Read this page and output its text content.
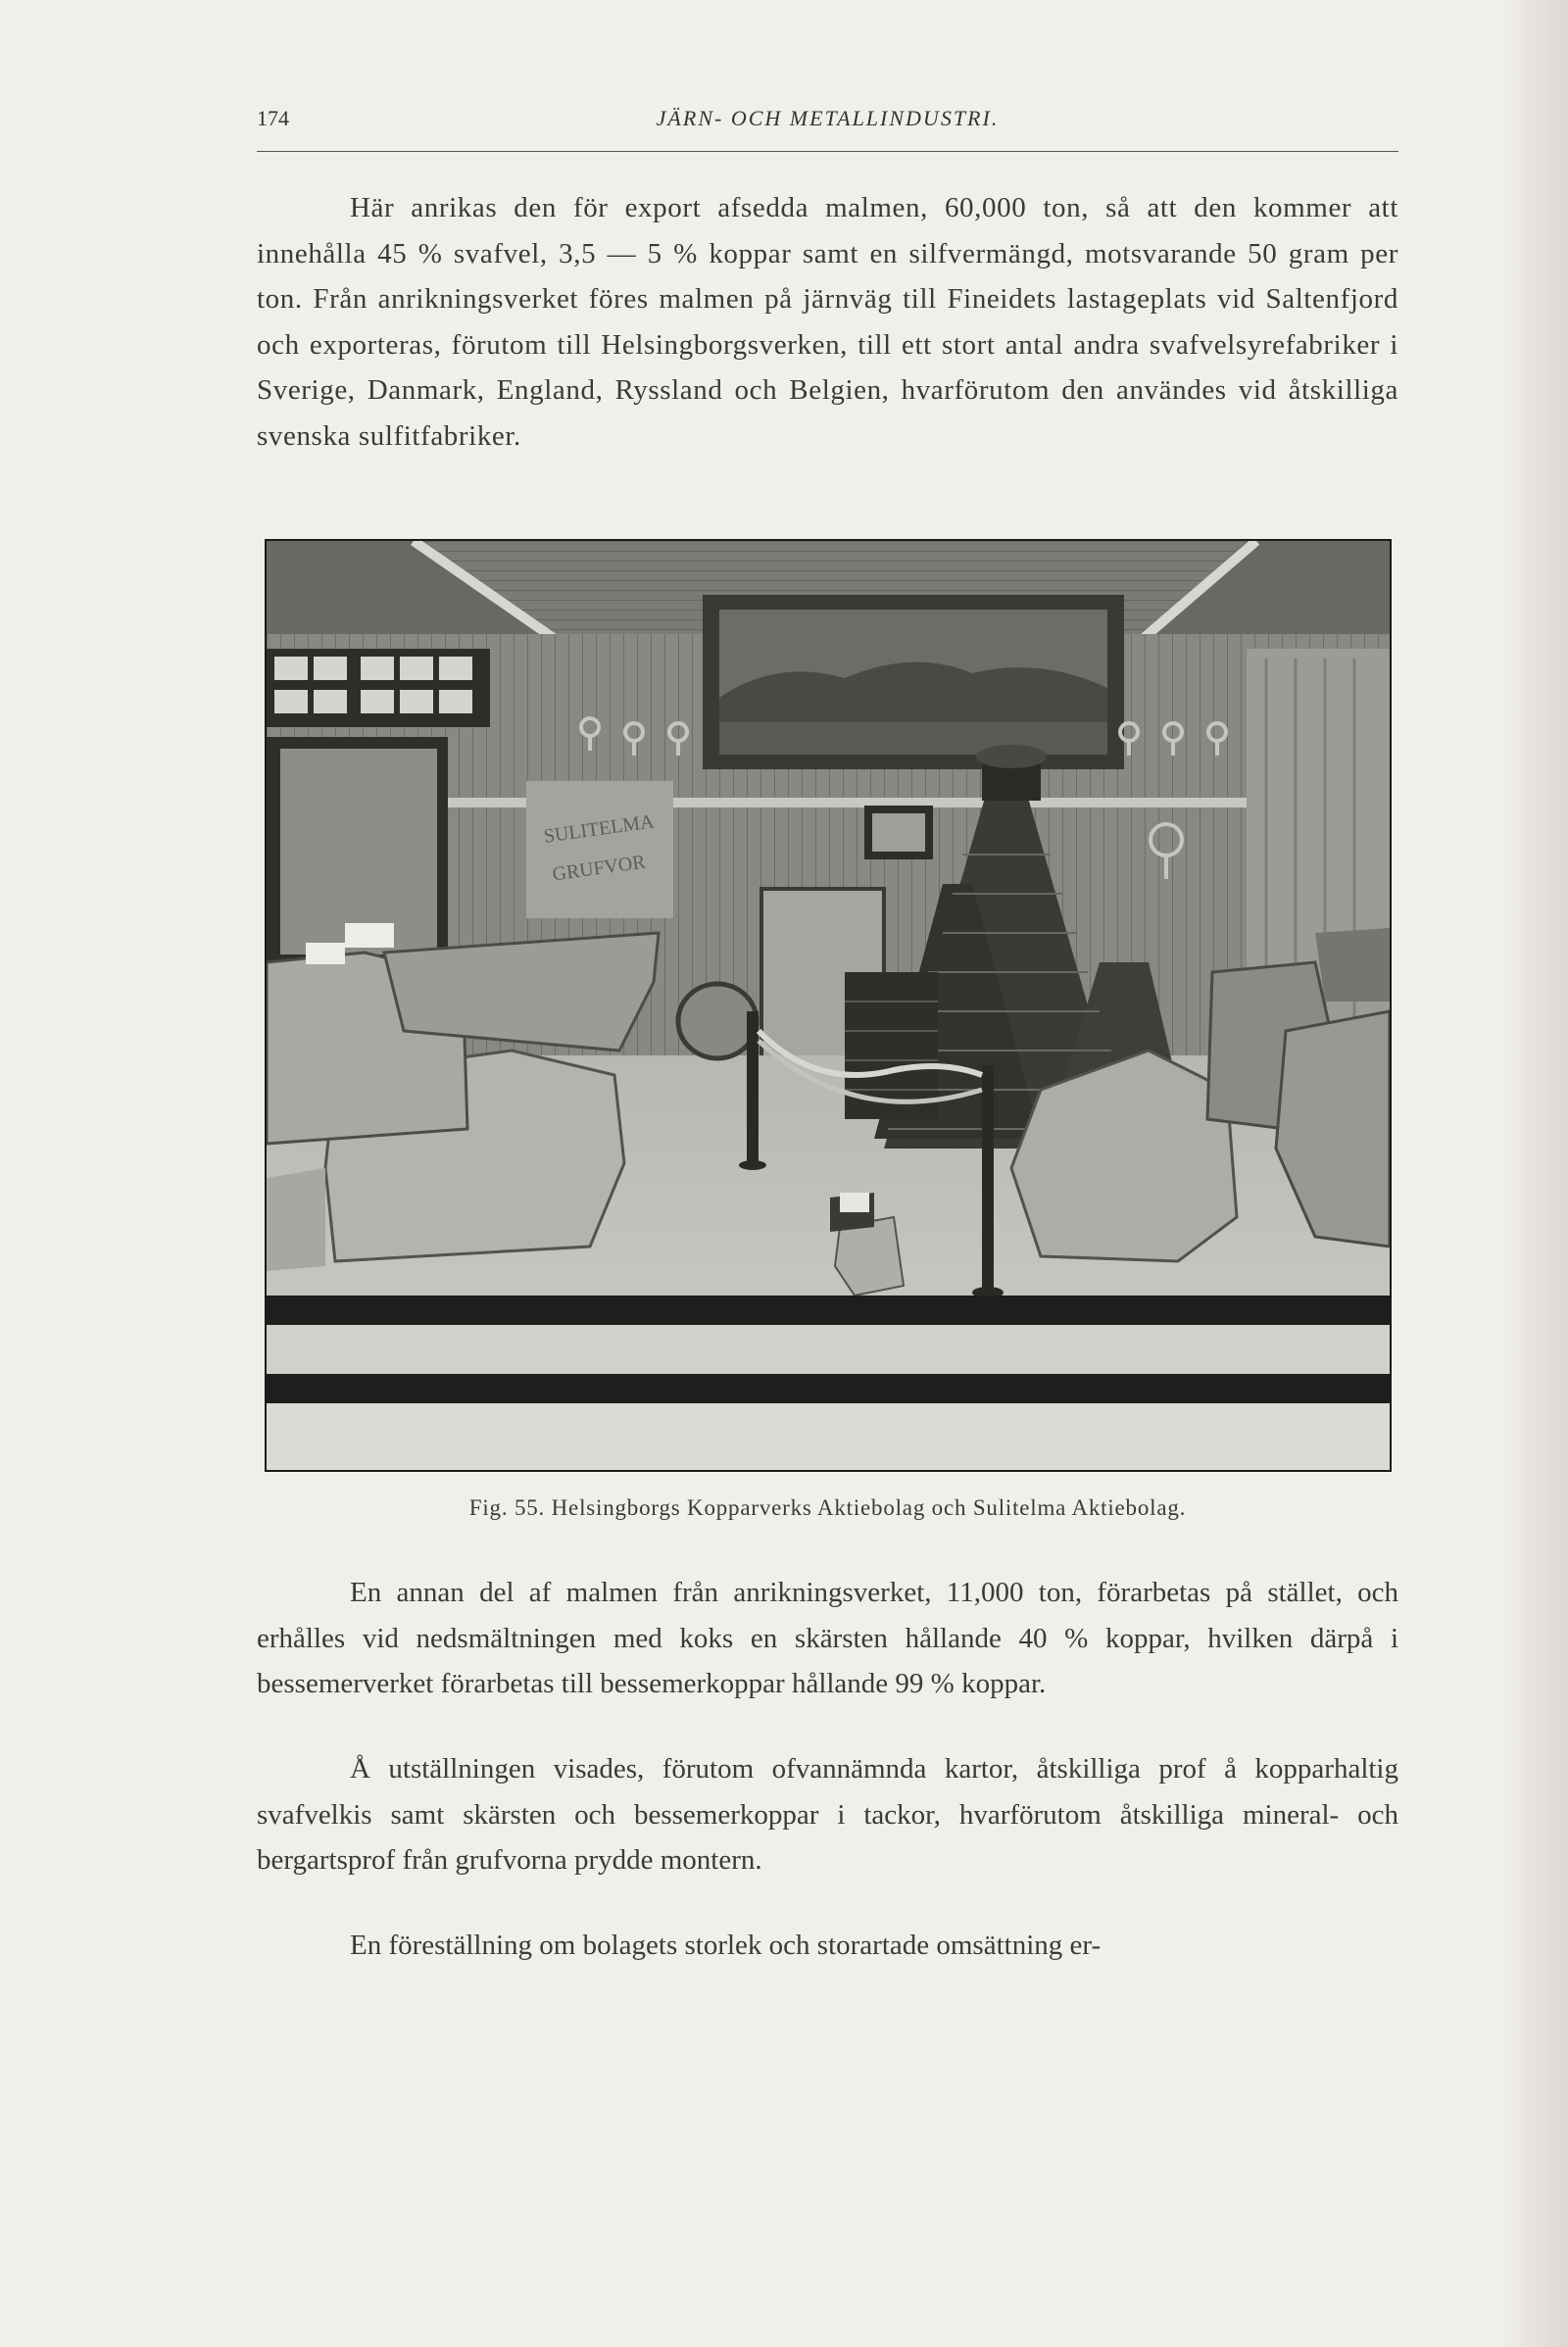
174	JÄRN- OCH METALLINDUSTRI.

Här anrikas den för export afsedda malmen, 60,000 ton, så att den kommer att innehålla 45 % svafvel, 3,5 — 5 % koppar samt en silfvermängd, motsvarande 50 gram per ton. Från anrikningsverket föres malmen på järnväg till Fineidets lastageplats vid Saltenfjord och exporteras, förutom till Helsingborgsverken, till ett stort antal andra svafvelsyrefabriker i Sverige, Danmark, England, Ryssland och Belgien, hvarförutom den användes vid åtskilliga svenska sulfitfabriker.

SULITELMA
GRUFVOR
Fig. 55. Helsingborgs Kopparverks Aktiebolag och Sulitelma Aktiebolag.

En annan del af malmen från anrikningsverket, 11,000 ton, förarbetas på stället, och erhålles vid nedsmältningen med koks en skärsten hållande 40 % koppar, hvilken därpå i bessemerverket förarbetas till bessemerkoppar hållande 99 % koppar.

Å utställningen visades, förutom ofvannämnda kartor, åtskilliga prof å kopparhaltig svafvelkis samt skärsten och bessemerkoppar i tackor, hvarförutom åtskilliga mineral- och bergartsprof från grufvorna prydde montern.

En föreställning om bolagets storlek och storartade omsättning er-
